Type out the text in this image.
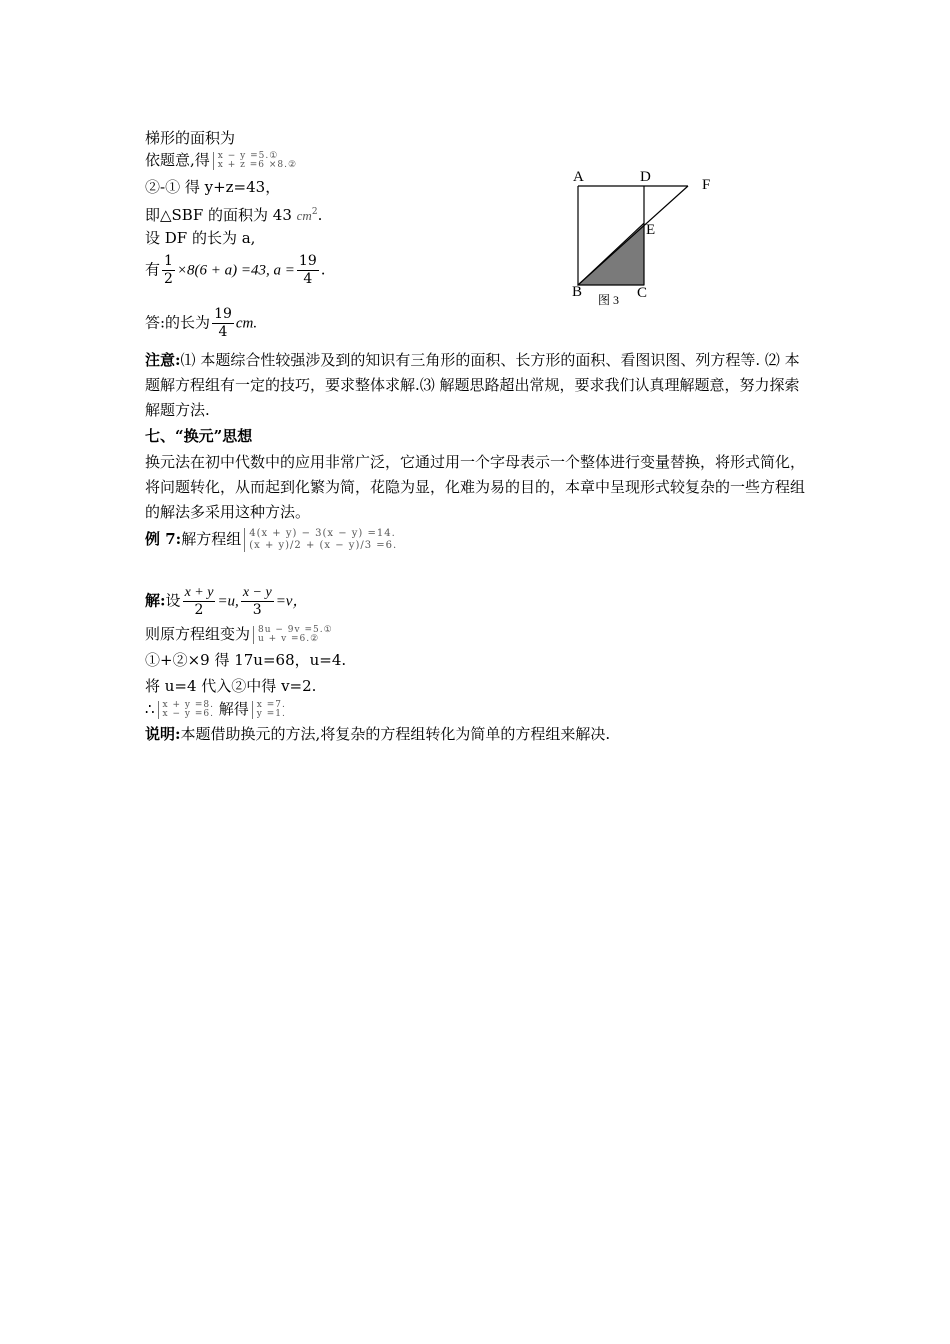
梯形的面积为
依题意,得 x − y =5.①
x + z =6 ×8.②
②-① 得 y+z=43，
即△SBF 的面积为 43 $cm^2$.
设 DF 的长为 a,
有 $\frac{1}{2} \times 8(6 + a) =43$, $a = \frac{19}{4}$ .
答:的长为 $\frac{19}{4}$ cm.
注意:⑴ 本题综合性较强涉及到的知识有三角形的面积、长方形的面积、看图识图、列方程等. ⑵ 本题解方程组有一定的技巧，要求整体求解.⑶ 解题思路超出常规，要求我们认真理解题意，努力探索解题方法.
七、“换元”思想
换元法在初中代数中的应用非常广泛，它通过用一个字母表示一个整体进行变量替换，将形式简化，将问题转化，从而起到化繁为简，花隐为显，化难为易的目的，本章中呈现形式较复杂的一些方程组的解法多采用这种方法。
例 7:解方程组 4(x + y) − 3(x − y) =14.
(x + y)/2 + (x − y)/3 =6.
解:设 $\frac{x + y}{2} =u$, $\frac{x - y}{3} =v$，
则原方程组变为 8u − 9v =5.①
u + v =6.②
①+②×9 得 17u=68，u=4.
将 u=4 代入②中得 v=2.
∴ x + y =8.
x − y =6. 解得 x =7.
y =1.
说明:本题借助换元的方法,将复杂的方程组转化为简单的方程组来解决.
A	D	F
E
B	C
图 3
